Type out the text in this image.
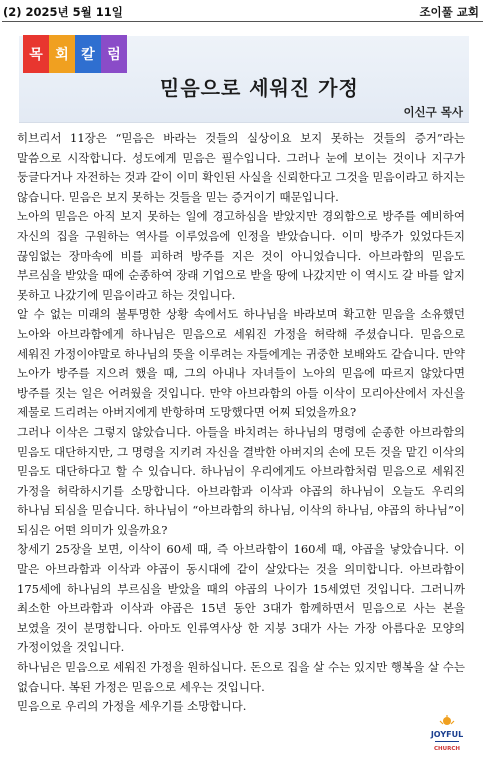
(2) 2025년 5월 11일	조이풀 교회
목 회 칼 럼
믿음으로 세워진 가정
이신구 목사

히브리서 11장은 “믿음은 바라는 것들의 실상이요 보지 못하는 것들의 증거”라는 말씀으로 시작합니다. 성도에게 믿음은 필수입니다. 그러나 눈에 보이는 것이나 지구가 둥글다거나 자전하는 것과 같이 이미 확인된 사실을 신뢰한다고 그것을 믿음이라고 하지는 않습니다. 믿음은 보지 못하는 것들을 믿는 증거이기 때문입니다.

노아의 믿음은 아직 보지 못하는 일에 경고하심을 받았지만 경외함으로 방주를 예비하여 자신의 집을 구원하는 역사를 이루었음에 인정을 받았습니다. 이미 방주가 있었다든지 끊임없는 장마속에 비를 피하려 방주를 지은 것이 아니었습니다. 아브라함의 믿음도 부르심을 받았을 때에 순종하여 장래 기업으로 받을 땅에 나갔지만 이 역시도 갈 바를 알지 못하고 나갔기에 믿음이라고 하는 것입니다.

알 수 없는 미래의 불투명한 상황 속에서도 하나님을 바라보며 확고한 믿음을 소유했던 노아와 아브라함에게 하나님은 믿음으로 세워진 가정을 허락해 주셨습니다. 믿음으로 세워진 가정이야말로 하나님의 뜻을 이루려는 자들에게는 귀중한 보배와도 같습니다. 만약 노아가 방주를 지으려 했을 때, 그의 아내나 자녀들이 노아의 믿음에 따르지 않았다면 방주를 짓는 일은 어려웠을 것입니다. 만약 아브라함의 아들 이삭이 모리아산에서 자신을 제물로 드리려는 아버지에게 반항하며 도망했다면 어찌 되었을까요?

그러나 이삭은 그렇지 않았습니다. 아들을 바치려는 하나님의 명령에 순종한 아브라함의 믿음도 대단하지만, 그 명령을 지키려 자신을 결박한 아버지의 손에 모든 것을 맡긴 이삭의 믿음도 대단하다고 할 수 있습니다. 하나님이 우리에게도 아브라함처럼 믿음으로 세워진 가정을 허락하시기를 소망합니다. 아브라함과 이삭과 야곱의 하나님이 오늘도 우리의 하나님 되심을 믿습니다. 하나님이 “아브라함의 하나님, 이삭의 하나님, 야곱의 하나님”이 되심은 어떤 의미가 있을까요?

창세기 25장을 보면, 이삭이 60세 때, 즉 아브라함이 160세 때, 야곱을 낳았습니다. 이 말은 아브라함과 이삭과 야곱이 동시대에 같이 살았다는 것을 의미합니다. 아브라함이 175세에 하나님의 부르심을 받았을 때의 야곱의 나이가 15세였던 것입니다. 그러니까 최소한 아브라함과 이삭과 야곱은 15년 동안 3대가 함께하면서 믿음으로 사는 본을 보였을 것이 분명합니다. 아마도 인류역사상 한 지붕 3대가 사는 가장 아름다운 모양의 가정이었을 것입니다.

하나님은 믿음으로 세워진 가정을 원하십니다. 돈으로 집을 살 수는 있지만 행복을 살 수는 없습니다. 복된 가정은 믿음으로 세우는 것입니다.

믿음으로 우리의 가정을 세우기를 소망합니다.

JOYFUL
CHURCH
